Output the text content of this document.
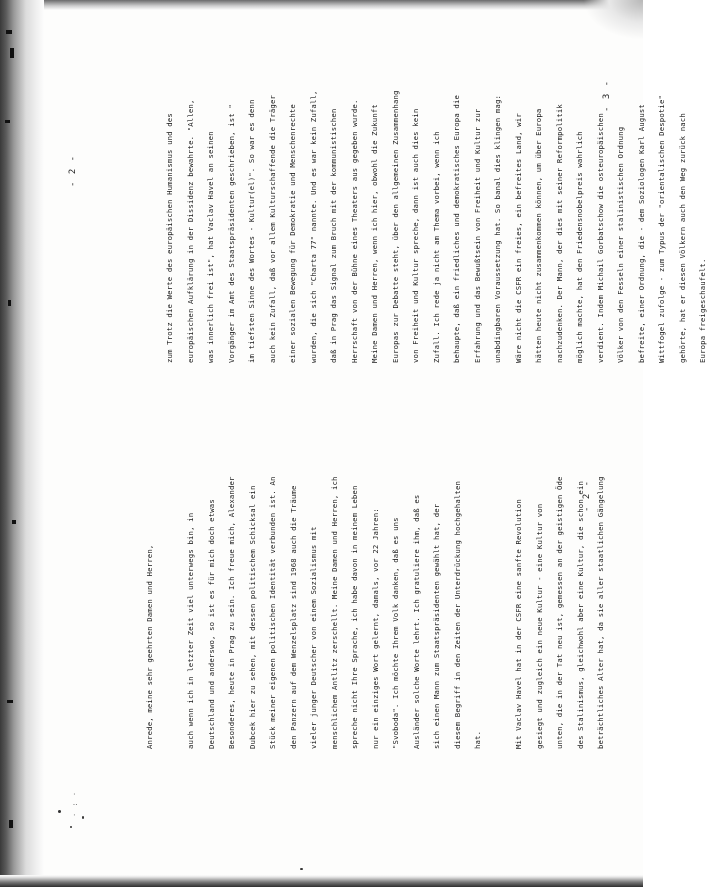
· : ·
- 2 -
- 2 -
- 3 -
Anrede, meine sehr geehrten Damen und Herren,	auch wenn ich in letzter Zeit viel unterwegs bin, in	Deutschland und anderswo, so ist es für mich doch etwas	Besonderes, heute in Prag zu sein. Ich freue mich, Alexander	Dubcek hier zu sehen, mit dessen politischem Schicksal ein	Stück meiner eigenen politischen Identität verbunden ist. An	den Panzern auf dem Wenzelsplatz sind 1968 auch die Träume	vieler junger Deutscher von einem Sozialismus mit	menschlichem Antlitz zerschellt. Meine Damen und Herren, ich	spreche nicht Ihre Sprache, ich habe davon in meinem Leben	nur ein einziges Wort gelernt, damals, vor 22 Jahren:	"Svoboda". Ich möchte Ihrem Volk danken, daß es uns	Ausländer solche Worte lehrt. Ich gratuliere ihm, daß es	sich einen Mann zum Staatspräsidenten gewählt hat, der	diesem Begriff in den Zeiten der Unterdrückung hochgehalten	hat.	Mit Vaclav Havel hat in der CSFR eine sanfte Revolution	gesiegt und zugleich ein neue Kultur - eine Kultur von	unten, die in der Tat neu ist, gemessen an der geistigen Öde	des Stalinismus, gleichwohl aber eine Kultur, die schon ein	beträchtliches Alter hat, da sie aller staatlichen Gängelung
zum Trotz die Werte des europäischen Humanismus und des	europäischen Aufklärung in der Dissidenz bewahrte. "Allen,	was innerlich frei ist", hat Vaclav Havel an seinen	Vorgänger im Amt des Staatspräsidenten geschrieben, ist "	im tiefsten Sinne des Wortes - Kultur(el)". So war es denn	auch kein Zufall, daß vor allem Kulturschaffende die Träger	einer sozialen Bewegung für Demokratie und Menschenrechte	wurden, die sich "Charta 77" nannte. Und es war kein Zufall,	daß in Prag das Signal zum Bruch mit der kommunistischen	Herrschaft von der Bühne eines Theaters aus gegeben wurde.	Meine Damen und Herren, wenn ich hier, obwohl die Zukunft	Europas zur Debatte steht, über den allgemeinen Zusammenhang	von Freiheit und Kultur spreche, dann ist auch dies kein	Zufall. Ich rede ja nicht am Thema vorbei, wenn ich	behaupte, daß ein friedliches und demokratisches Europa die	Erfahrung und das Bewußtsein von Freiheit und Kultur zur	unabdingbaren Voraussetzung hat. So banal dies klingen mag:	Wäre nicht die CSFR ein freies, ein befreites Land, wir	hätten heute nicht zusammenkommen können, um über Europa	nachzudenken. Der Mann, der dies mit seiner Reformpolitik	möglich machte, hat den Friedensnobelpreis wahrlich	verdient. Indem Michail Gorbatschow die osteuropäischen	Völker von den Fesseln einer stalinistischen Ordnung	befreite, einer Ordnung, die - dem Soziologen Karl August	Wittfogel zufolge - zum Typus der "orientalischen Despotie"	gehörte, hat er diesen Völkern auch den Weg zurück nach	Europa freigeschaufelt.
